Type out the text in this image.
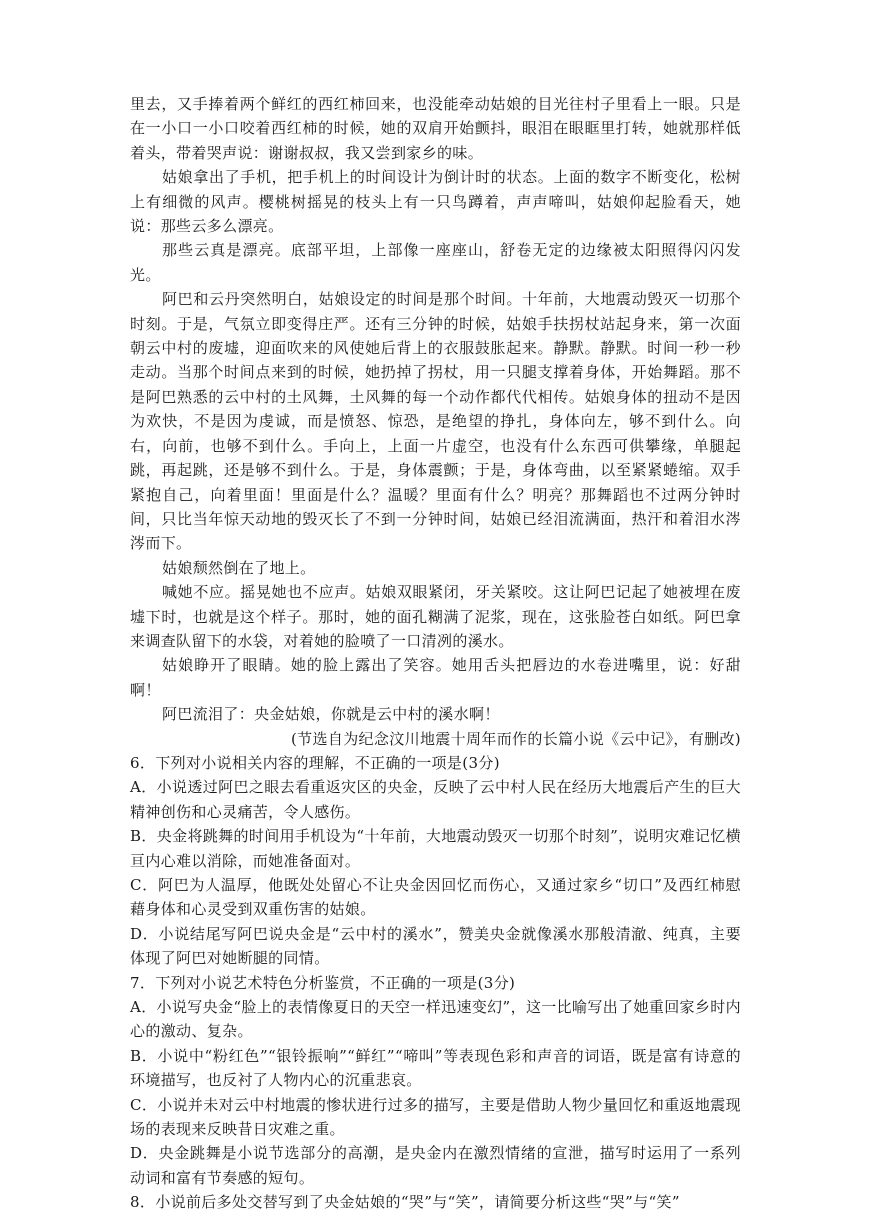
里去，又手捧着两个鲜红的西红柿回来，也没能牵动姑娘的目光往村子里看上一眼。只是在一小口一小口咬着西红柿的时候，她的双肩开始颤抖，眼泪在眼眶里打转，她就那样低着头，带着哭声说：谢谢叔叔，我又尝到家乡的味。

姑娘拿出了手机，把手机上的时间设计为倒计时的状态。上面的数字不断变化，松树上有细微的风声。樱桃树摇晃的枝头上有一只鸟蹲着，声声啼叫，姑娘仰起脸看天，她说：那些云多么漂亮。

那些云真是漂亮。底部平坦，上部像一座座山，舒卷无定的边缘被太阳照得闪闪发光。

阿巴和云丹突然明白，姑娘设定的时间是那个时间。十年前，大地震动毁灭一切那个时刻。于是，气氛立即变得庄严。还有三分钟的时候，姑娘手扶拐杖站起身来，第一次面朝云中村的废墟，迎面吹来的风使她后背上的衣服鼓胀起来。静默。静默。时间一秒一秒走动。当那个时间点来到的时候，她扔掉了拐杖，用一只腿支撑着身体，开始舞蹈。那不是阿巴熟悉的云中村的土风舞，土风舞的每一个动作都代代相传。姑娘身体的扭动不是因为欢快，不是因为虔诚，而是愤怒、惊恐，是绝望的挣扎，身体向左，够不到什么。向右，向前，也够不到什么。手向上，上面一片虚空，也没有什么东西可供攀缘，单腿起跳，再起跳，还是够不到什么。于是，身体震颤；于是，身体弯曲，以至紧紧蜷缩。双手紧抱自己，向着里面！里面是什么？温暖？里面有什么？明亮？那舞蹈也不过两分钟时间，只比当年惊天动地的毁灭长了不到一分钟时间，姑娘已经泪流满面，热汗和着泪水涔涔而下。

姑娘颓然倒在了地上。

喊她不应。摇晃她也不应声。姑娘双眼紧闭，牙关紧咬。这让阿巴记起了她被埋在废墟下时，也就是这个样子。那时，她的面孔糊满了泥浆，现在，这张脸苍白如纸。阿巴拿来调查队留下的水袋，对着她的脸喷了一口清冽的溪水。

姑娘睁开了眼睛。她的脸上露出了笑容。她用舌头把唇边的水卷进嘴里，说：好甜啊！

阿巴流泪了：央金姑娘，你就是云中村的溪水啊！

(节选自为纪念汶川地震十周年而作的长篇小说《云中记》，有删改)

6．下列对小说相关内容的理解，不正确的一项是(3分)

A．小说透过阿巴之眼去看重返灾区的央金，反映了云中村人民在经历大地震后产生的巨大精神创伤和心灵痛苦，令人感伤。

B．央金将跳舞的时间用手机设为“十年前，大地震动毁灭一切那个时刻”，说明灾难记忆横亘内心难以消除，而她准备面对。

C．阿巴为人温厚，他既处处留心不让央金因回忆而伤心，又通过家乡“切口”及西红柿慰藉身体和心灵受到双重伤害的姑娘。

D．小说结尾写阿巴说央金是“云中村的溪水”，赞美央金就像溪水那般清澈、纯真，主要体现了阿巴对她断腿的同情。

7．下列对小说艺术特色分析鉴赏，不正确的一项是(3分)

A．小说写央金“脸上的表情像夏日的天空一样迅速变幻”，这一比喻写出了她重回家乡时内心的激动、复杂。

B．小说中“粉红色”“银铃振响”“鲜红”“啼叫”等表现色彩和声音的词语，既是富有诗意的环境描写，也反衬了人物内心的沉重悲哀。

C．小说并未对云中村地震的惨状进行过多的描写，主要是借助人物少量回忆和重返地震现场的表现来反映昔日灾难之重。

D．央金跳舞是小说节选部分的高潮，是央金内在激烈情绪的宣泄，描写时运用了一系列动词和富有节奏感的短句。

8．小说前后多处交替写到了央金姑娘的“哭”与“笑”，请简要分析这些“哭”与“笑”
